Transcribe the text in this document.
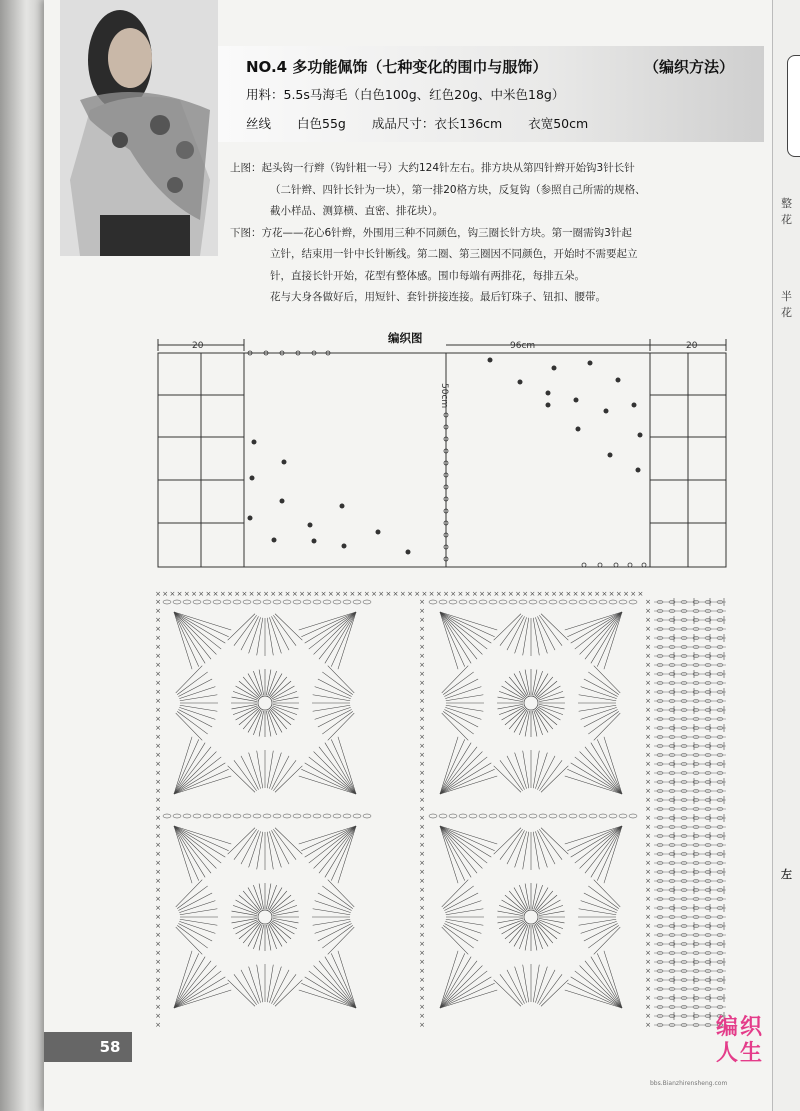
NO.4 多功能佩饰（七种变化的围巾与服饰）	（编织方法）
用料：5.5s马海毛（白色100g、红色20g、中米色18g）
丝线 白色55g 成品尺寸：衣长136cm 衣宽50cm

上图：起头钩一行辫（钩针粗一号）大约124针左右。排方块从第四针辫开始钩3针长针

（二针辫、四针长针为一块），第一排20格方块，反复钩（参照自己所需的规格、

截小样品、测算横、直密、排花块）。

下图：方花——花心6针辫，外围用三种不同颜色，钩三圈长针方块。第一圈需钩3针起

立针，结束用一针中长针断线。第二圈、第三圈因不同颜色，开始时不需要起立

针，直接长针开始，花型有整体感。围巾每端有两排花，每排五朵。

花与大身各做好后，用短针、套针拼接连接。最后钉珠子、钮扣、腰带。

20	96cm	20
50cm
编织图
× × × × × × × × × × × × × × × × × × × × × × × × × × × × × × × × × × × × × × × × × × × × × × × × × × × × × × × × × × × × × × × × × × × ×
×	×	×
×	×	×
×	×	×
×	×	×
×	×	×
×	×	×
×	×	×
×	×	×
×	×	×
×	×	×
×	×	×
×	×	×
×	×	×
×	×	×
×	×	×
×	×	×
×	×	×
×	×	×
×	×	×
×	×	×
×	×	×
×	×	×
×	×	×
×	×	×
×	×	×
×	×	×
×	×	×
×	×	×
×	×	×
×	×	×
×	×	×
×	×	×
×	×	×
×	×	×
×	×	×
×	×	×
×	×	×
×	×	×
×	×	×
×	×	×
×	×	×
×	×	×
×	×	×
×	×	×
×	×	×
×	×	×
×	×	×
×	×	×
58
整花
半花
左
编织
人生
bbs.Bianzhirensheng.com
